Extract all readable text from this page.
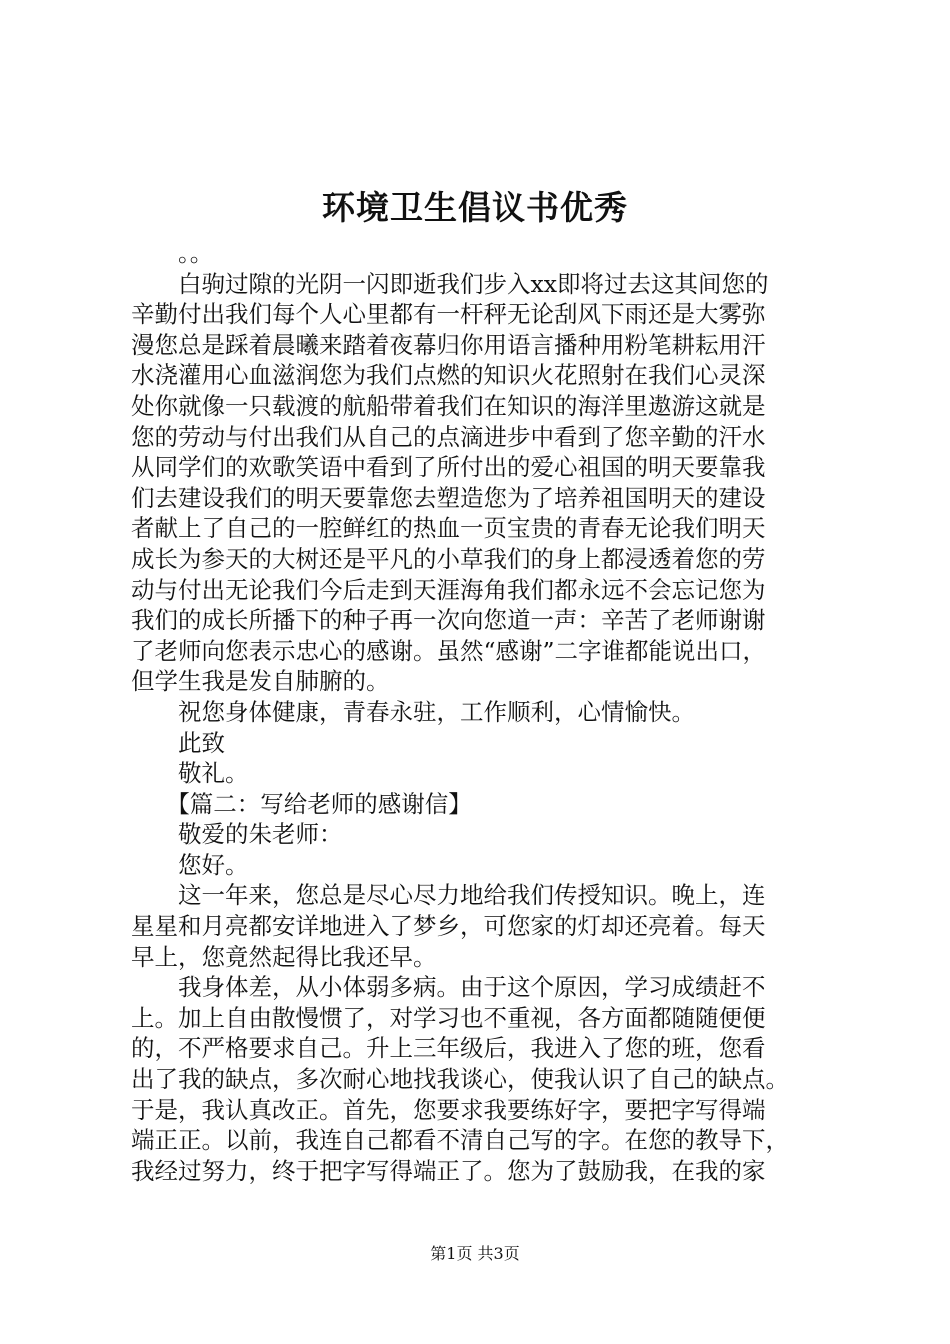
环境卫生倡议书优秀

。。

白驹过隙的光阴一闪即逝我们步入xx即将过去这其间您的
辛勤付出我们每个人心里都有一杆秤无论刮风下雨还是大雾弥
漫您总是踩着晨曦来踏着夜幕归你用语言播种用粉笔耕耘用汗
水浇灌用心血滋润您为我们点燃的知识火花照射在我们心灵深
处你就像一只载渡的航船带着我们在知识的海洋里遨游这就是
您的劳动与付出我们从自己的点滴进步中看到了您辛勤的汗水
从同学们的欢歌笑语中看到了所付出的爱心祖国的明天要靠我
们去建设我们的明天要靠您去塑造您为了培养祖国明天的建设
者献上了自己的一腔鲜红的热血一页宝贵的青春无论我们明天
成长为参天的大树还是平凡的小草我们的身上都浸透着您的劳
动与付出无论我们今后走到天涯海角我们都永远不会忘记您为
我们的成长所播下的种子再一次向您道一声：辛苦了老师谢谢
了老师向您表示忠心的感谢。虽然“感谢”二字谁都能说出口，
但学生我是发自肺腑的。

祝您身体健康，青春永驻，工作顺利，心情愉快。

此致

敬礼。

【篇二：写给老师的感谢信】

敬爱的朱老师：

您好。

这一年来，您总是尽心尽力地给我们传授知识。晚上，连
星星和月亮都安详地进入了梦乡，可您家的灯却还亮着。每天
早上，您竟然起得比我还早。

我身体差，从小体弱多病。由于这个原因，学习成绩赶不
上。加上自由散慢惯了，对学习也不重视，各方面都随随便便
的，不严格要求自己。升上三年级后，我进入了您的班，您看
出了我的缺点，多次耐心地找我谈心，使我认识了自己的缺点。
于是，我认真改正。首先，您要求我要练好字，要把字写得端
端正正。以前，我连自己都看不清自己写的字。在您的教导下，
我经过努力，终于把字写得端正了。您为了鼓励我，在我的家

第1页 共3页
